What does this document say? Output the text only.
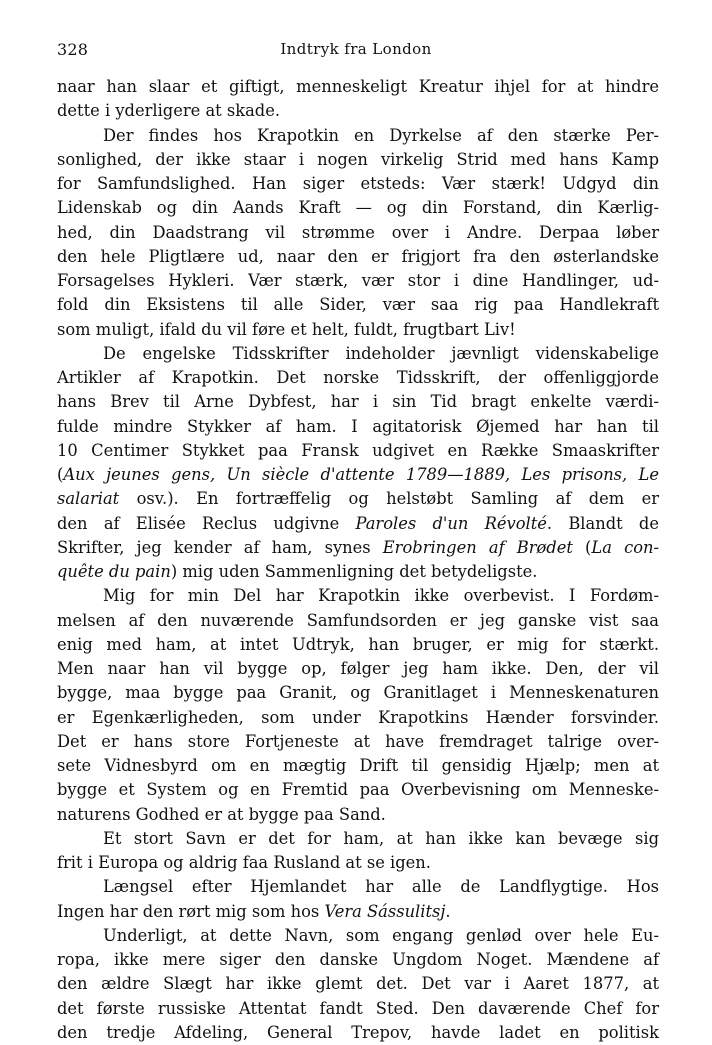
328	Indtryk fra London
naar han slaar et giftigt, menneskeligt Kreatur ihjel for at hindre
dette i yderligere at skade.
Der findes hos Krapotkin en Dyrkelse af den stærke Per-
sonlighed, der ikke staar i nogen virkelig Strid med hans Kamp
for Samfundslighed. Han siger etsteds: Vær stærk! Udgyd din
Lidenskab og din Aands Kraft — og din Forstand, din Kærlig-
hed, din Daadstrang vil strømme over i Andre. Derpaa løber
den hele Pligtlære ud, naar den er frigjort fra den østerlandske
Forsagelses Hykleri. Vær stærk, vær stor i dine Handlinger, ud-
fold din Eksistens til alle Sider, vær saa rig paa Handlekraft
som muligt, ifald du vil føre et helt, fuldt, frugtbart Liv!
De engelske Tidsskrifter indeholder jævnligt videnskabelige
Artikler af Krapotkin. Det norske Tidsskrift, der offenliggjorde
hans Brev til Arne Dybfest, har i sin Tid bragt enkelte værdi-
fulde mindre Stykker af ham. I agitatorisk Øjemed har han til
10 Centimer Stykket paa Fransk udgivet en Række Smaaskrifter
(Aux jeunes gens, Un siècle d'attente 1789—1889, Les prisons, Le
salariat osv.). En fortræffelig og helstøbt Samling af dem er
den af Elisée Reclus udgivne Paroles d'un Révolté. Blandt de
Skrifter, jeg kender af ham, synes Erobringen af Brødet (La con-
quête du pain) mig uden Sammenligning det betydeligste.
Mig for min Del har Krapotkin ikke overbevist. I Fordøm-
melsen af den nuværende Samfundsorden er jeg ganske vist saa
enig med ham, at intet Udtryk, han bruger, er mig for stærkt.
Men naar han vil bygge op, følger jeg ham ikke. Den, der vil
bygge, maa bygge paa Granit, og Granitlaget i Menneskenaturen
er Egenkærligheden, som under Krapotkins Hænder forsvinder.
Det er hans store Fortjeneste at have fremdraget talrige over-
sete Vidnesbyrd om en mægtig Drift til gensidig Hjælp; men at
bygge et System og en Fremtid paa Overbevisning om Menneske-
naturens Godhed er at bygge paa Sand.
Et stort Savn er det for ham, at han ikke kan bevæge sig
frit i Europa og aldrig faa Rusland at se igen.
Længsel efter Hjemlandet har alle de Landflygtige. Hos
Ingen har den rørt mig som hos Vera Sássulitsj.
Underligt, at dette Navn, som engang genlød over hele Eu-
ropa, ikke mere siger den danske Ungdom Noget. Mændene af
den ældre Slægt har ikke glemt det. Det var i Aaret 1877, at
det første russiske Attentat fandt Sted. Den daværende Chef for
den tredje Afdeling, General Trepov, havde ladet en politisk
